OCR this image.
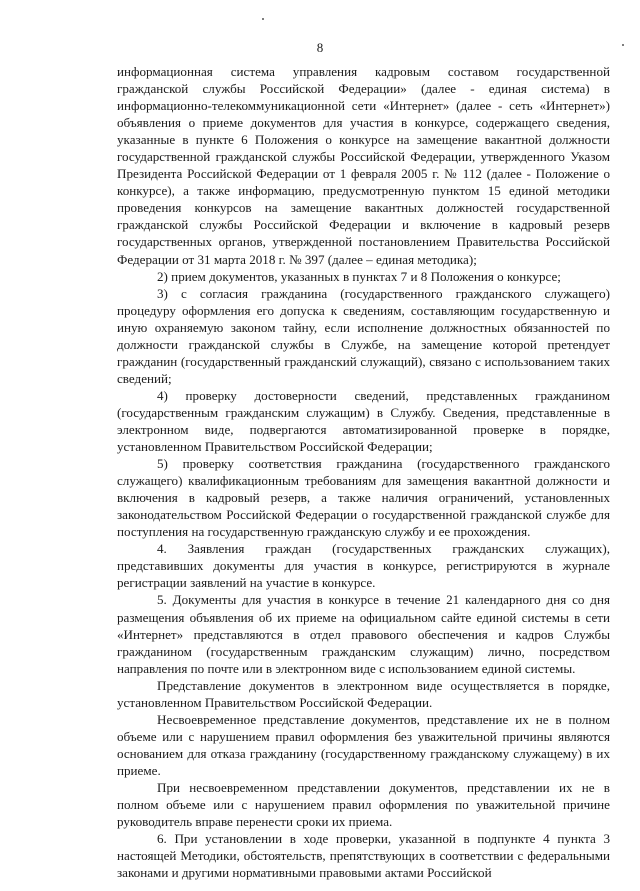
8

информационная система управления кадровым составом государственной гражданской службы Российской Федерации» (далее - единая система) в информационно-телекоммуникационной сети «Интернет» (далее - сеть «Интернет») объявления о приеме документов для участия в конкурсе, содержащего сведения, указанные в пункте 6 Положения о конкурсе на замещение вакантной должности государственной гражданской службы Российской Федерации, утвержденного Указом Президента Российской Федерации от 1 февраля 2005 г. № 112 (далее - Положение о конкурсе), а также информацию, предусмотренную пунктом 15 единой методики проведения конкурсов на замещение вакантных должностей государственной гражданской службы Российской Федерации и включение в кадровый резерв государственных органов, утвержденной постановлением Правительства Российской Федерации от 31 марта 2018 г. № 397 (далее – единая методика);

2) прием документов, указанных в пунктах 7 и 8 Положения о конкурсе;

3) с согласия гражданина (государственного гражданского служащего) процедуру оформления его допуска к сведениям, составляющим государственную и иную охраняемую законом тайну, если исполнение должностных обязанностей по должности гражданской службы в Службе, на замещение которой претендует гражданин (государственный гражданский служащий), связано с использованием таких сведений;

4) проверку достоверности сведений, представленных гражданином (государственным гражданским служащим) в Службу. Сведения, представленные в электронном виде, подвергаются автоматизированной проверке в порядке, установленном Правительством Российской Федерации;

5) проверку соответствия гражданина (государственного гражданского служащего) квалификационным требованиям для замещения вакантной должности и включения в кадровый резерв, а также наличия ограничений, установленных законодательством Российской Федерации о государственной гражданской службе для поступления на государственную гражданскую службу и ее прохождения.

4. Заявления граждан (государственных гражданских служащих), представивших документы для участия в конкурсе, регистрируются в журнале регистрации заявлений на участие в конкурсе.

5. Документы для участия в конкурсе в течение 21 календарного дня со дня размещения объявления об их приеме на официальном сайте единой системы в сети «Интернет» представляются в отдел правового обеспечения и кадров Службы гражданином (государственным гражданским служащим) лично, посредством направления по почте или в электронном виде с использованием единой системы.

Представление документов в электронном виде осуществляется в порядке, установленном Правительством Российской Федерации.

Несвоевременное представление документов, представление их не в полном объеме или с нарушением правил оформления без уважительной причины являются основанием для отказа гражданину (государственному гражданскому служащему) в их приеме.

При несвоевременном представлении документов, представлении их не в полном объеме или с нарушением правил оформления по уважительной причине руководитель вправе перенести сроки их приема.

6. При установлении в ходе проверки, указанной в подпункте 4 пункта 3 настоящей Методики, обстоятельств, препятствующих в соответствии с федеральными законами и другими нормативными правовыми актами Российской
